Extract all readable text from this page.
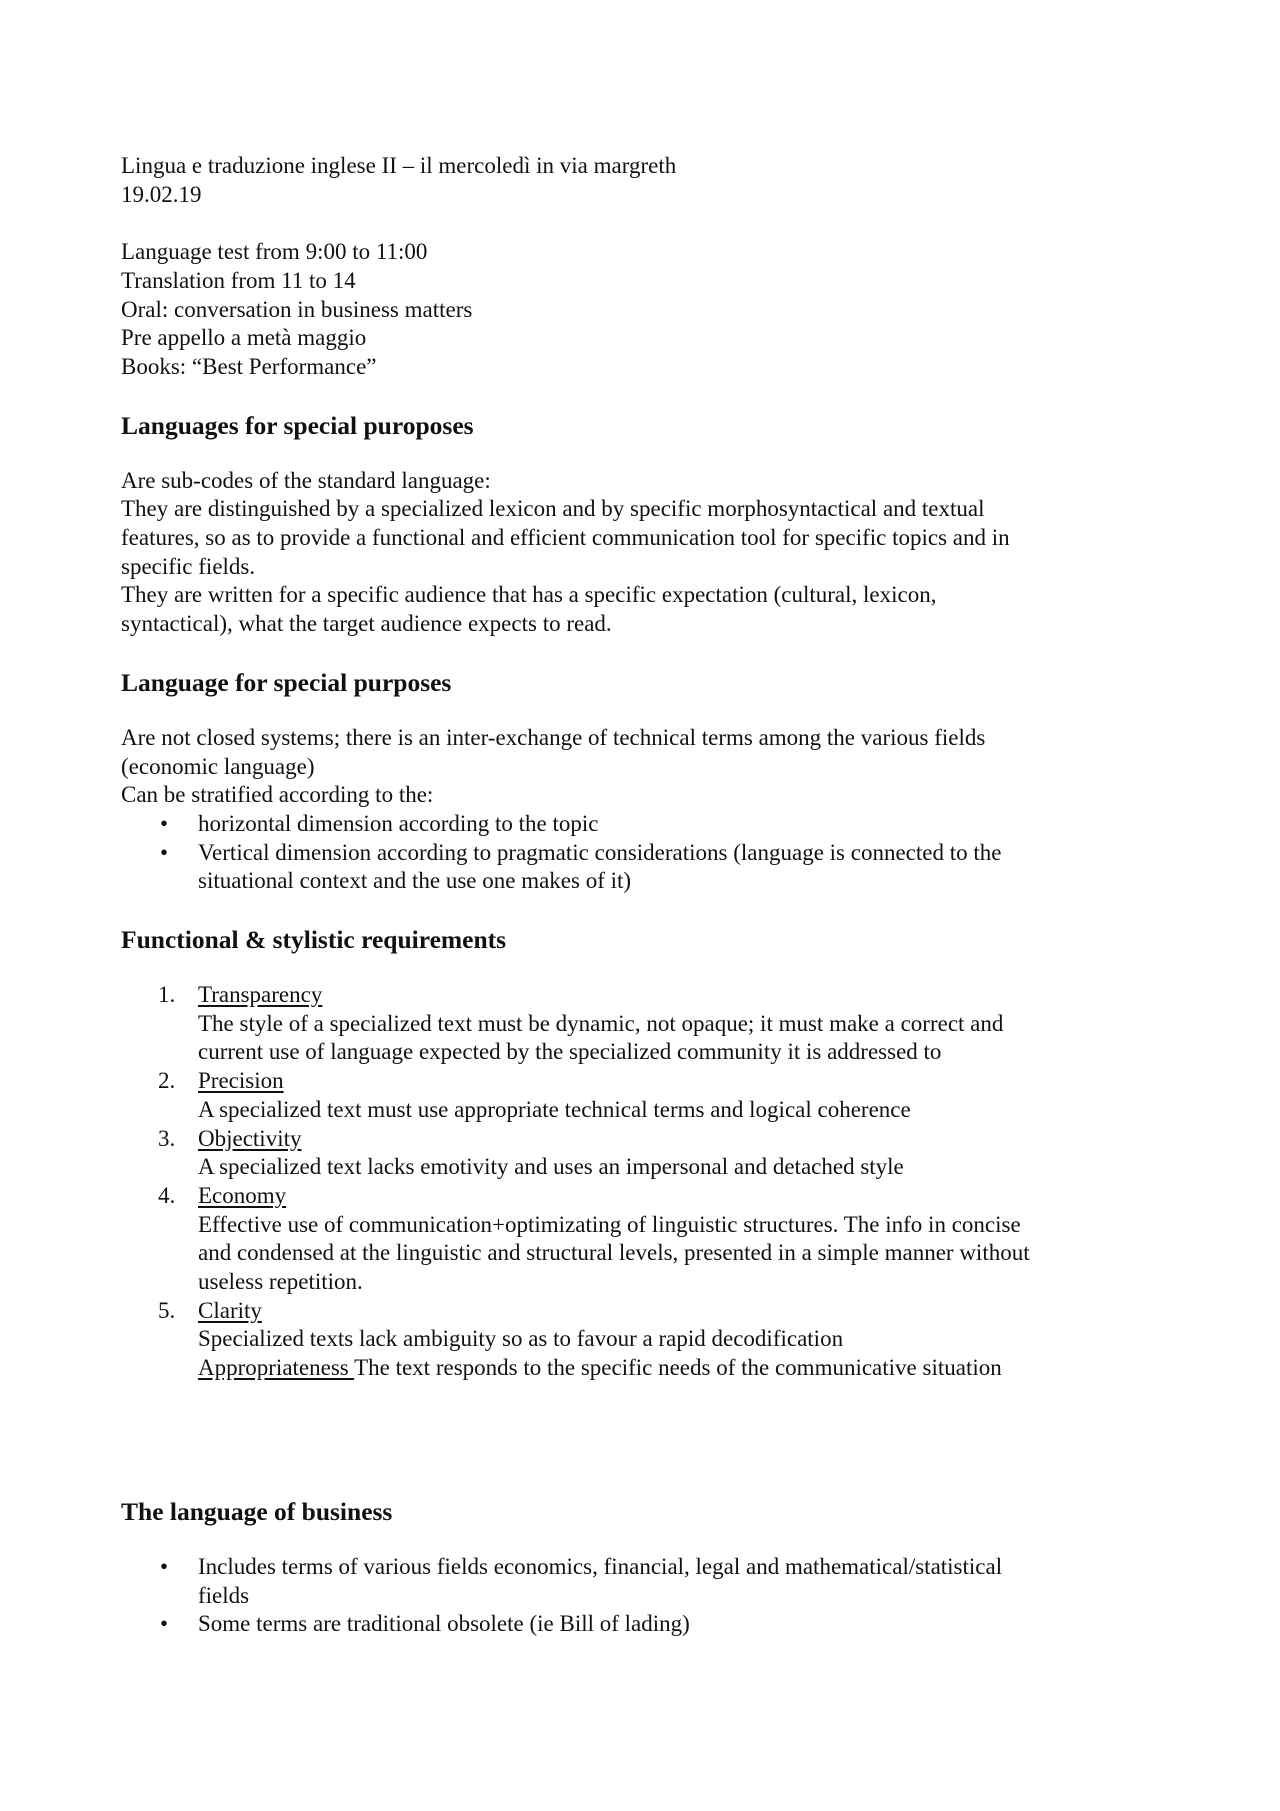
Lingua e traduzione inglese II – il mercoledì in via margreth

19.02.19

Language test from 9:00 to 11:00

Translation from 11 to 14

Oral: conversation in business matters

Pre appello a metà maggio

Books: “Best Performance”

Languages for special puroposes

Are sub-codes of the standard language:

They are distinguished by a specialized lexicon and by specific morphosyntactical and textual

features, so as to provide a functional and efficient communication tool for specific topics and in

specific fields.

They are written for a specific audience that has a specific expectation (cultural, lexicon,

syntactical), what the target audience expects to read.

Language for special purposes

Are not closed systems; there is an inter-exchange of technical terms among the various fields

(economic language)

Can be stratified according to the:

• horizontal dimension according to the topic
• Vertical dimension according to pragmatic considerations (language is connected to the
situational context and the use one makes of it)
Functional & stylistic requirements
1. Transparency
The style of a specialized text must be dynamic, not opaque; it must make a correct and
current use of language expected by the specialized community it is addressed to
2. Precision
A specialized text must use appropriate technical terms and logical coherence
3. Objectivity
A specialized text lacks emotivity and uses an impersonal and detached style
4. Economy
Effective use of communication+optimizating of linguistic structures. The info in concise
and condensed at the linguistic and structural levels, presented in a simple manner without
useless repetition.
5. Clarity
Specialized texts lack ambiguity so as to favour a rapid decodification
Appropriateness The text responds to the specific needs of the communicative situation
The language of business
• Includes terms of various fields economics, financial, legal and mathematical/statistical
fields
• Some terms are traditional obsolete (ie Bill of lading)
